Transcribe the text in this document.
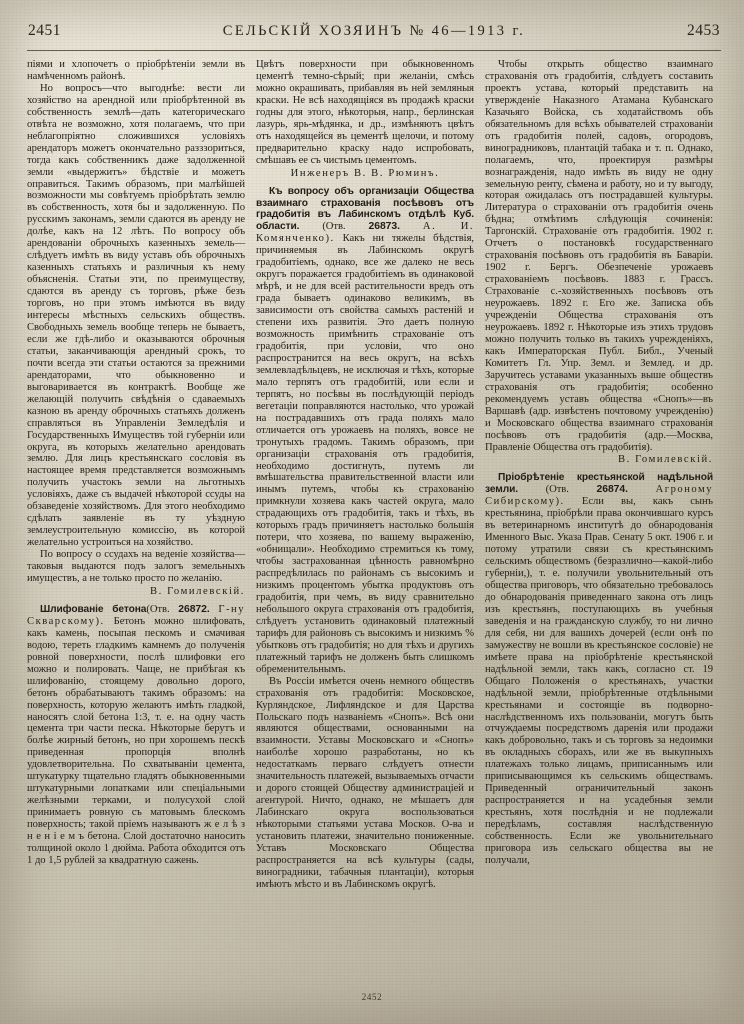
2451	СЕЛЬСКІЙ ХОЗЯИНЪ № 46—1913 г.	2453

піями и хлопочетъ о пріобрѣтеніи земли въ намѣченномъ районѣ.

Но вопросъ—что выгоднѣе: вести ли хозяйство на арендной или пріобрѣтенной въ собственность землѣ—дать категорическаго отвѣта не возможно, хотя полагаемъ, что при неблагопріятно сложившихся условіяхъ арендаторъ можетъ окончательно разззориться, тогда какъ собственникъ даже задолженной земли «выдержитъ» бѣдствіе и можетъ оправиться. Такимъ образомъ, при малѣйшей возможности мы совѣтуемъ пріобрѣтать землю въ собственность, хотя бы и задолженную. По русскимъ законамъ, земли сдаются въ аренду не долѣе, какъ на 12 лѣтъ. По вопросу объ арендованіи оброчныхъ казенныхъ земель—слѣдуетъ имѣть въ виду уставъ объ оброчныхъ казенныхъ статьяхъ и различныя къ нему объясненія. Статьи эти, по преимуществу, сдаются въ аренду съ торговъ, рѣже безъ торговъ, но при этомъ имѣются въ виду интересы мѣстныхъ сельскихъ обществъ. Свободныхъ земель вообще теперь не бываетъ, если же гдѣ-либо и оказываются оброчныя статьи, заканчивающія арендный срокъ, то почти всегда эти статьи остаются за прежними арендаторами, что обыкновенно и выговаривается въ контрактѣ. Вообще же желающій получить свѣдѣнія о сдаваемыхъ казною въ аренду оброчныхъ статьяхъ долженъ справляться въ Управленіи Земледѣлія и Государственныхъ Имуществъ той губерніи или округа, въ которыхъ желательно арендовать землю. Для лицъ крестьянскаго сословія въ настоящее время представляется возможнымъ получить участокъ земли на льготныхъ условіяхъ, даже съ выдачей нѣкоторой ссуды на обзаведеніе хозяйствомъ. Для этого необходимо сдѣлать заявленіе въ ту уѣздную землеустроительную комиссію, въ которой желательно устроиться на хозяйство.

По вопросу о ссудахъ на веденіе хозяйства—таковыя выдаются подъ залогъ земельныхъ имуществъ, а не только просто по желанію.

В. Гомилевскій.

Шлифованіе бетона(Отв. 26872. Г-ну Скварскому). Бетонъ можно шлифовать, какъ камень, посыпая пескомъ и смачивая водою, тереть гладкимъ камнемъ до полученія ровной поверхности, послѣ шлифовки его можно и полировать. Чаще, не прибѣгая къ шлифованію, стоящему довольно дорого, бетонъ обрабатываютъ такимъ образомъ: на поверхность, которую желаютъ имѣть гладкой, наносятъ слой бетона 1:3, т. е. на одну часть цемента три части песка. Нѣкоторые берутъ и болѣе жирный бетонъ, но при хорошемъ пескѣ приведенная пропорція вполнѣ удовлетворительна. По схватываніи цемента, штукатурку тщательно гладятъ обыкновенными штукатурными лопатками или спеціальными желѣзными терками, и полусухой слой принимаетъ ровную съ матовымъ блескомъ поверхность; такой пріемъ называютъ ж е л ѣ з н е н і е м ъ бетона. Слой достаточно наносить толщиной около 1 дюйма. Работа обходится отъ 1 до 1,5 рублей за квадратную сажень.

Цвѣтъ поверхности при обыкновенномъ цементѣ темно-сѣрый; при желаніи, смѣсь можно окрашивать, прибавляя въ ней земляныя краски. Не всѣ находящіяся въ продажѣ краски годны для этого, нѣкоторыя, напр., берлинская лазурь, ярь-мѣдянка, и др., измѣняютъ цвѣтъ отъ находящейся въ цементѣ щелочи, и потому предварительно краску надо испробовать, смѣшавъ ее съ чистымъ цементомъ.

Инженеръ В. В. Рюминъ.

Къ вопросу объ организаціи Общества взаимнаго страхованія посѣвовъ отъ градобитія въ Лабинскомъ отдѣлѣ Куб. области. (Отв. 26873. А. И. Комянченко). Какъ ни тяжелы бѣдствія, причиняемыя въ Лабинскомъ округѣ градобитіемъ, однако, все же далеко не весь округъ поражается градобитіемъ въ одинаковой мѣрѣ, и не для всей растительности вредъ отъ града бываетъ одинаково великимъ, въ зависимости отъ свойства самыхъ растеній и степени ихъ развитія. Это даетъ полную возможность примѣнить страхованіе отъ градобитія, при условіи, что оно распространится на весь округъ, на всѣхъ землевладѣльцевъ, не исключая и тѣхъ, которые мало терпятъ отъ градобитій, или если и терпятъ, но посѣвы въ послѣдующій періодъ вегетаціи поправляются настолько, что урожай на пострадавшихъ отъ града поляхъ мало отличается отъ урожаевъ на поляхъ, вовсе не тронутыхъ градомъ. Такимъ образомъ, при организаціи страхованія отъ градобитія, необходимо достигнуть, путемъ ли вмѣшательства правительственной власти или инымъ путемъ, чтобы къ страхованію примкнули хозяева какъ частей округа, мало страдающихъ отъ градобитія, такъ и тѣхъ, въ которыхъ градъ причиняетъ настолько большія потери, что хозяева, по вашему выраженію, «обнищали». Необходимо стремиться къ тому, чтобы застрахованная цѣнность равномѣрно распредѣлилась по районамъ съ высокимъ и низкимъ процентомъ убытка продуктовъ отъ градобитія, при чемъ, въ виду сравнительно небольшого округа страхованія отъ градобитія, слѣдуетъ установить одинаковый платежный тарифъ для районовъ съ высокимъ и низкимъ % убытковъ отъ градобитія; но для тѣхъ и другихъ платежный тарифъ не долженъ быть слишкомъ обременительнымъ.

Въ Россіи имѣется очень немного обществъ страхованія отъ градобитія: Московское, Курляндское, Лифляндское и для Царства Польскаго подъ названіемъ «Снопъ». Всѣ они являются обществами, основанными на взаимности. Уставы Московскаго и «Снопъ» наиболѣе хорошо разработаны, но къ недостаткамъ перваго слѣдуетъ отнести значительность платежей, вызываемыхъ отчасти и дорого стоящей Обществу администраціей и агентурой. Ничто, однако, не мѣшаетъ для Лабинскаго округа воспользоваться нѣкоторыми статьями устава Москов. О-ва и установить платежи, значительно пониженные. Уставъ Московскаго Общества распространяется на всѣ культуры (сады, виноградники, табачныя плантаціи), которыя имѣютъ мѣсто и въ Лабинскомъ округѣ.

Чтобы открыть общество взаимнаго страхованія отъ градобитія, слѣдуетъ составить проектъ устава, который представить на утвержденіе Наказного Атамана Кубанскаго Казачьяго Войска, съ ходатайствомъ объ обязательномъ для всѣхъ обывателей страхованіи отъ градобитія полей, садовъ, огородовъ, виноградниковъ, плантацій табака и т. п. Однако, полагаемъ, что, проектируя размѣры вознагражденія, надо имѣть въ виду не одну земельную ренту, сѣмена и работу, но и ту выгоду, которая ожидалась отъ пострадавшей культуры. Литература о страхованіи отъ градобитія очень бѣдна; отмѣтимъ слѣдующія сочиненія: Таргонскій. Страхованіе отъ градобитія. 1902 г. Отчетъ о постановкѣ государственнаго страхованія посѣвовъ отъ градобитія въ Баваріи. 1902 г. Бергъ. Обезпеченіе урожаевъ страхованіемъ посѣвовъ. 1883 г. Грассъ. Страхованіе с.-хозяйственныхъ посѣвовъ отъ неурожаевъ. 1892 г. Его же. Записка объ учрежденіи Общества страхованія отъ неурожаевъ. 1892 г. Нѣкоторые изъ этихъ трудовъ можно получить только въ такихъ учрежденіяхъ, какъ Императорская Публ. Библ., Ученый Комитетъ Гл. Упр. Земл. и Землед. и др. Заручитесь уставами указанныхъ выше обществъ страхованія отъ градобитія; особенно рекомендуемъ уставъ общества «Снопъ»—въ Варшавѣ (адр. извѣстенъ почтовому учрежденію) и Московскаго общества взаимнаго страхованія посѣвовъ отъ градобитія (адр.—Москва, Правленіе Общества отъ градобитія).

В. Гомилевскій.

Пріобрѣтеніе крестьянской надѣльной земли.	(Отв.	26874.	Агроному Сибирскому). Если вы, какъ сынъ крестьянина, пріобрѣли права окончившаго курсъ въ ветеринарномъ институтѣ до обнародованія Именного Выс. Указа Прав. Сенату 5 окт. 1906 г. и потому утратили связи съ крестьянскимъ сельскимъ обществомъ (безразлично—какой-либо губерніи,), т. е. получили увольнительный отъ общества приговоръ, что обязательно требовалось до обнародованія приведеннаго закона отъ лицъ изъ крестьянъ, поступающихъ въ учебныя заведенія и на гражданскую службу, то ни лично для себя, ни для вашихъ дочерей (если онѣ по замужеству не вошли въ крестьянское сословіе) не имѣете права на пріобрѣтеніе крестьянской надѣльной земли, такъ какъ, согласно ст. 19 Общаго Положенія о крестьянахъ, участки надѣльной земли, пріобрѣтенные отдѣльными крестьянами и состоящіе въ подворно-наслѣдственномъ ихъ пользованіи, могутъ быть отчуждаемы посредствомъ даренія или продажи какъ добровольно, такъ и съ торговъ за недоимки въ окладныхъ сборахъ, или же въ выкупныхъ платежахъ только лицамъ, приписаннымъ или приписывающимся къ сельскимъ обществамъ. Приведенный ограничительный законъ распространяется и на усадебныя земли крестьянъ, хотя послѣднія и не подлежали передѣламъ, составляя наслѣдственную собственность. Если же увольнительнаго приговора изъ сельскаго общества вы не получали,

2452
